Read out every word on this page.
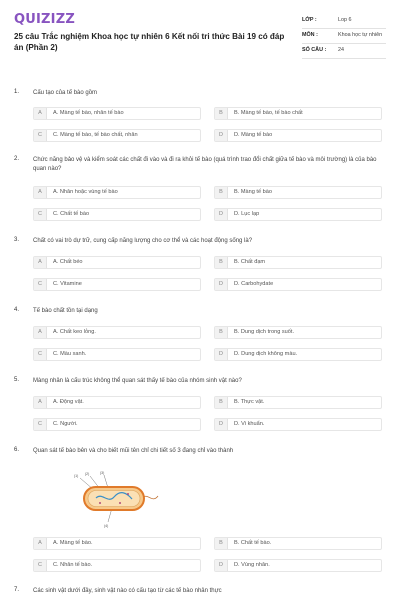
QUIZIZZ
25 câu Trắc nghiệm Khoa học tự nhiên 6 Kết nối tri thức Bài 19 có đáp án (Phần 2)
LỚP :	Lop 6
MÔN :	Khoa học tự nhiên
SỐ CÂU :	24
1. Cấu tạo của tế bào gồm
A	A. Màng tế bào, nhân tế bào	B	B. Màng tế bào, tế bào chất
C	C. Màng tế bào, tế bào chất, nhân	D	D. Màng tế bào
2. Chức năng bảo vệ và kiểm soát các chất đi vào và đi ra khỏi tế bào (quá trình trao đổi chất giữa tế bào và môi trường) là của bào quan nào?
A	A. Nhân hoặc vùng tế bào	B	B. Màng tế bào
C	C. Chất tế bào	D	D. Lục lạp
3. Chất có vai trò dự trữ, cung cấp năng lượng cho cơ thể và các hoạt động sống là?
A	A. Chất béo	B	B. Chất đạm
C	C. Vitamine	D	D. Carbohydate
4. Tế bào chất tồn tại dạng
A	A. Chất keo lỏng.	B	B. Dung dịch trong suốt.
C	C. Màu xanh.	D	D. Dung dịch không màu.
5. Màng nhân là cấu trúc không thể quan sát thấy tế bào của nhóm sinh vật nào?
A	A. Động vật.	B	B. Thực vật.
C	C. Người.	D	D. Vi khuẩn.
6. Quan sát tế bào bên và cho biết mũi tên chỉ chi tiết số 3 đang chỉ vào thành
A	A. Màng tế bào.	B	B. Chất tế bào.
C	C. Nhân tế bào.	D	D. Vùng nhân.
(1) (2)	(3)
(4)
7. Các sinh vật dưới đây, sinh vật nào có cấu tạo từ các tế bào nhân thực
